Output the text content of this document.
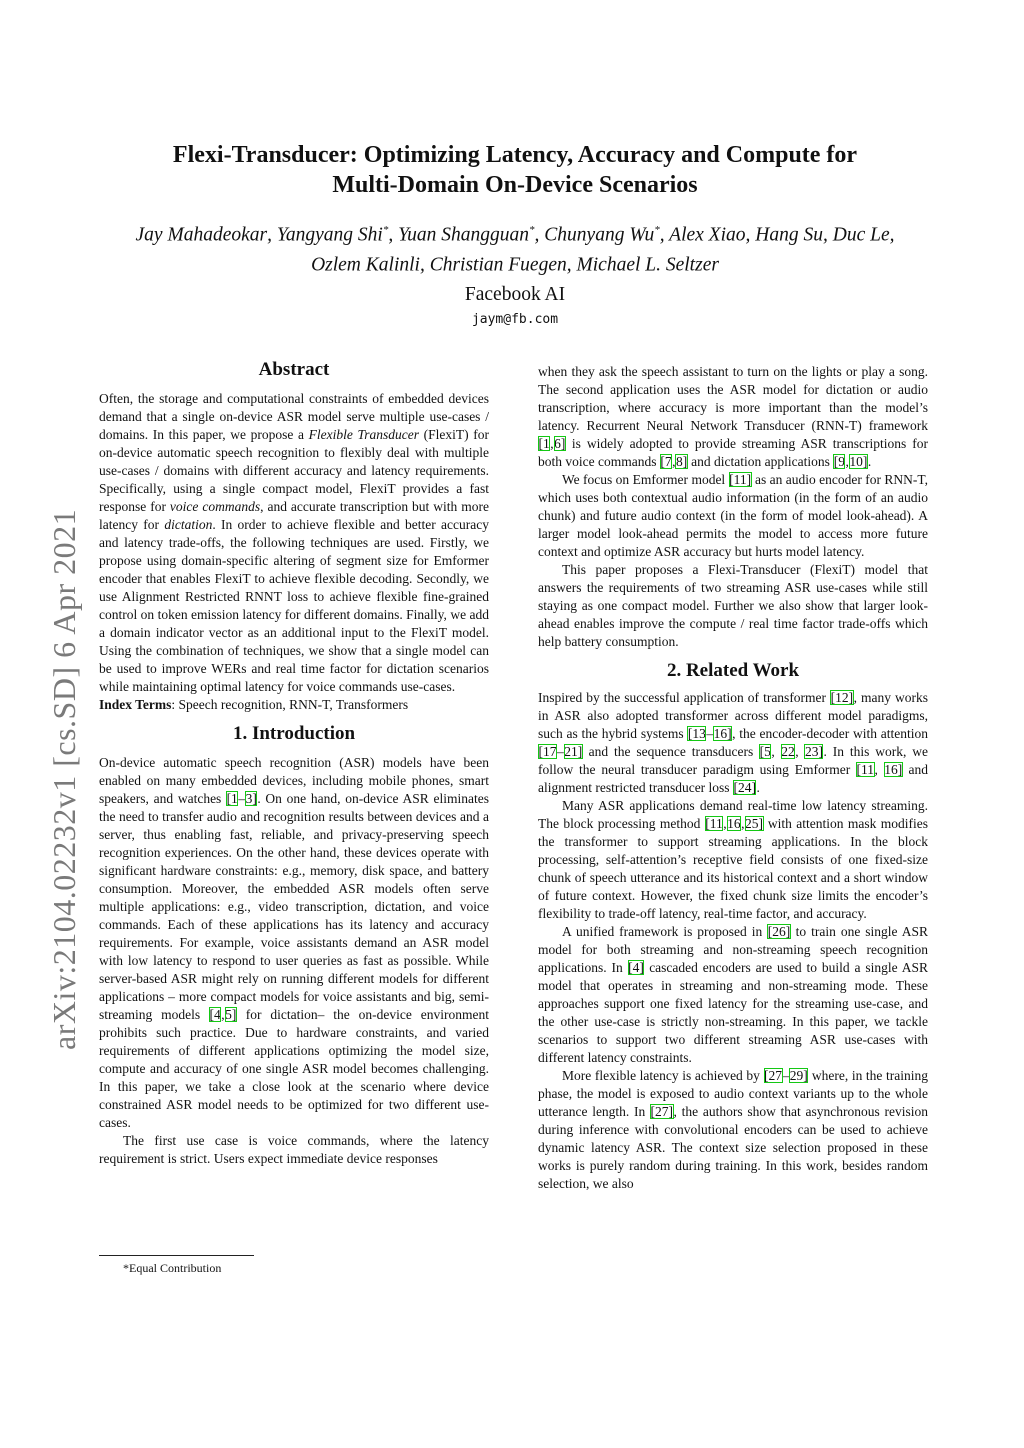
arXiv:2104.02232v1 [cs.SD] 6 Apr 2021
Flexi-Transducer: Optimizing Latency, Accuracy and Compute for
Multi-Domain On-Device Scenarios
Jay Mahadeokar, Yangyang Shi*, Yuan Shangguan*, Chunyang Wu*, Alex Xiao, Hang Su, Duc Le,
Ozlem Kalinli, Christian Fuegen, Michael L. Seltzer
Facebook AI
jaym@fb.com
Abstract

Often, the storage and computational constraints of embedded devices demand that a single on-device ASR model serve multiple use-cases / domains. In this paper, we propose a Flexible Transducer (FlexiT) for on-device automatic speech recognition to flexibly deal with multiple use-cases / domains with different accuracy and latency requirements. Specifically, using a single compact model, FlexiT provides a fast response for voice commands, and accurate transcription but with more latency for dictation. In order to achieve flexible and better accuracy and latency trade-offs, the following techniques are used. Firstly, we propose using domain-specific altering of segment size for Emformer encoder that enables FlexiT to achieve flexible decoding. Secondly, we use Alignment Restricted RNNT loss to achieve flexible fine-grained control on token emission latency for different domains. Finally, we add a domain indicator vector as an additional input to the FlexiT model. Using the combination of techniques, we show that a single model can be used to improve WERs and real time factor for dictation scenarios while maintaining optimal latency for voice commands use-cases.

Index Terms: Speech recognition, RNN-T, Transformers

1. Introduction

On-device automatic speech recognition (ASR) models have been enabled on many embedded devices, including mobile phones, smart speakers, and watches [1–3]. On one hand, on-device ASR eliminates the need to transfer audio and recognition results between devices and a server, thus enabling fast, reliable, and privacy-preserving speech recognition experiences. On the other hand, these devices operate with significant hardware constraints: e.g., memory, disk space, and battery consumption. Moreover, the embedded ASR models often serve multiple applications: e.g., video transcription, dictation, and voice commands. Each of these applications has its latency and accuracy requirements. For example, voice assistants demand an ASR model with low latency to respond to user queries as fast as possible. While server-based ASR might rely on running different models for different applications – more compact models for voice assistants and big, semi-streaming models [4,5] for dictation– the on-device environment prohibits such practice. Due to hardware constraints, and varied requirements of different applications optimizing the model size, compute and accuracy of one single ASR model becomes challenging. In this paper, we take a close look at the scenario where device constrained ASR model needs to be optimized for two different use-cases.

The first use case is voice commands, where the latency requirement is strict. Users expect immediate device responses

*Equal Contribution

when they ask the speech assistant to turn on the lights or play a song. The second application uses the ASR model for dictation or audio transcription, where accuracy is more important than the model’s latency. Recurrent Neural Network Transducer (RNN-T) framework [1,6] is widely adopted to provide streaming ASR transcriptions for both voice commands [7,8] and dictation applications [9,10].

We focus on Emformer model [11] as an audio encoder for RNN-T, which uses both contextual audio information (in the form of an audio chunk) and future audio context (in the form of model look-ahead). A larger model look-ahead permits the model to access more future context and optimize ASR accuracy but hurts model latency.

This paper proposes a Flexi-Transducer (FlexiT) model that answers the requirements of two streaming ASR use-cases while still staying as one compact model. Further we also show that larger look-ahead enables improve the compute / real time factor trade-offs which help battery consumption.

2. Related Work

Inspired by the successful application of transformer [12], many works in ASR also adopted transformer across different model paradigms, such as the hybrid systems [13–16], the encoder-decoder with attention [17–21] and the sequence transducers [5, 22, 23]. In this work, we follow the neural transducer paradigm using Emformer [11, 16] and alignment restricted transducer loss [24].

Many ASR applications demand real-time low latency streaming. The block processing method [11,16,25] with attention mask modifies the transformer to support streaming applications. In the block processing, self-attention’s receptive field consists of one fixed-size chunk of speech utterance and its historical context and a short window of future context. However, the fixed chunk size limits the encoder’s flexibility to trade-off latency, real-time factor, and accuracy.

A unified framework is proposed in [26] to train one single ASR model for both streaming and non-streaming speech recognition applications. In [4] cascaded encoders are used to build a single ASR model that operates in streaming and non-streaming mode. These approaches support one fixed latency for the streaming use-case, and the other use-case is strictly non-streaming. In this paper, we tackle scenarios to support two different streaming ASR use-cases with different latency constraints.

More flexible latency is achieved by [27–29] where, in the training phase, the model is exposed to audio context variants up to the whole utterance length. In [27], the authors show that asynchronous revision during inference with convolutional encoders can be used to achieve dynamic latency ASR. The context size selection proposed in these works is purely random during training. In this work, besides random selection, we also
